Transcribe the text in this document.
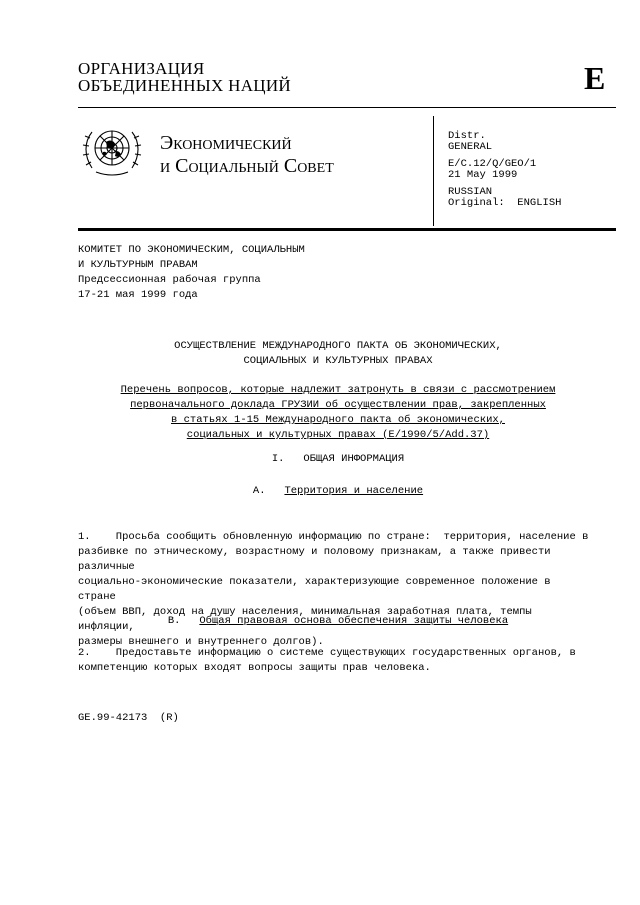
ОРГАНИЗАЦИЯ
ОБЪЕДИНЕННЫХ НАЦИЙ	E
Экономический
и Социальный Совет
Distr.
GENERAL
E/C.12/Q/GEO/1
21 May 1999
RUSSIAN
Original:  ENGLISH
КОМИТЕТ ПО ЭКОНОМИЧЕСКИМ, СОЦИАЛЬНЫМ
И КУЛЬТУРНЫМ ПРАВАМ
Предсессионная рабочая группа
17-21 мая 1999 года
ОСУЩЕСТВЛЕНИЕ МЕЖДУНАРОДНОГО ПАКТА ОБ ЭКОНОМИЧЕСКИХ,
СОЦИАЛЬНЫХ И КУЛЬТУРНЫХ ПРАВАХ
Перечень вопросов, которые надлежит затронуть в связи с рассмотрением
первоначального доклада ГРУЗИИ об осуществлении прав, закрепленных
в статьях 1-15 Международного пакта об экономических,
социальных и культурных правах (E/1990/5/Add.37)
I. ОБЩАЯ ИНФОРМАЦИЯ
A. Территория и население
1.    Просьба сообщить обновленную информацию по стране:  территория, население в
разбивке по этническому, возрастному и половому признакам, а также привести различные
социально-экономические показатели, характеризующие современное положение в стране
(объем ВВП, доход на душу населения, минимальная заработная плата, темпы инфляции,
размеры внешнего и внутреннего долгов).
B. Общая правовая основа обеспечения защиты человека
2.    Предоставьте информацию о системе существующих государственных органов, в
компетенцию которых входят вопросы защиты прав человека.
GE.99-42173  (R)
